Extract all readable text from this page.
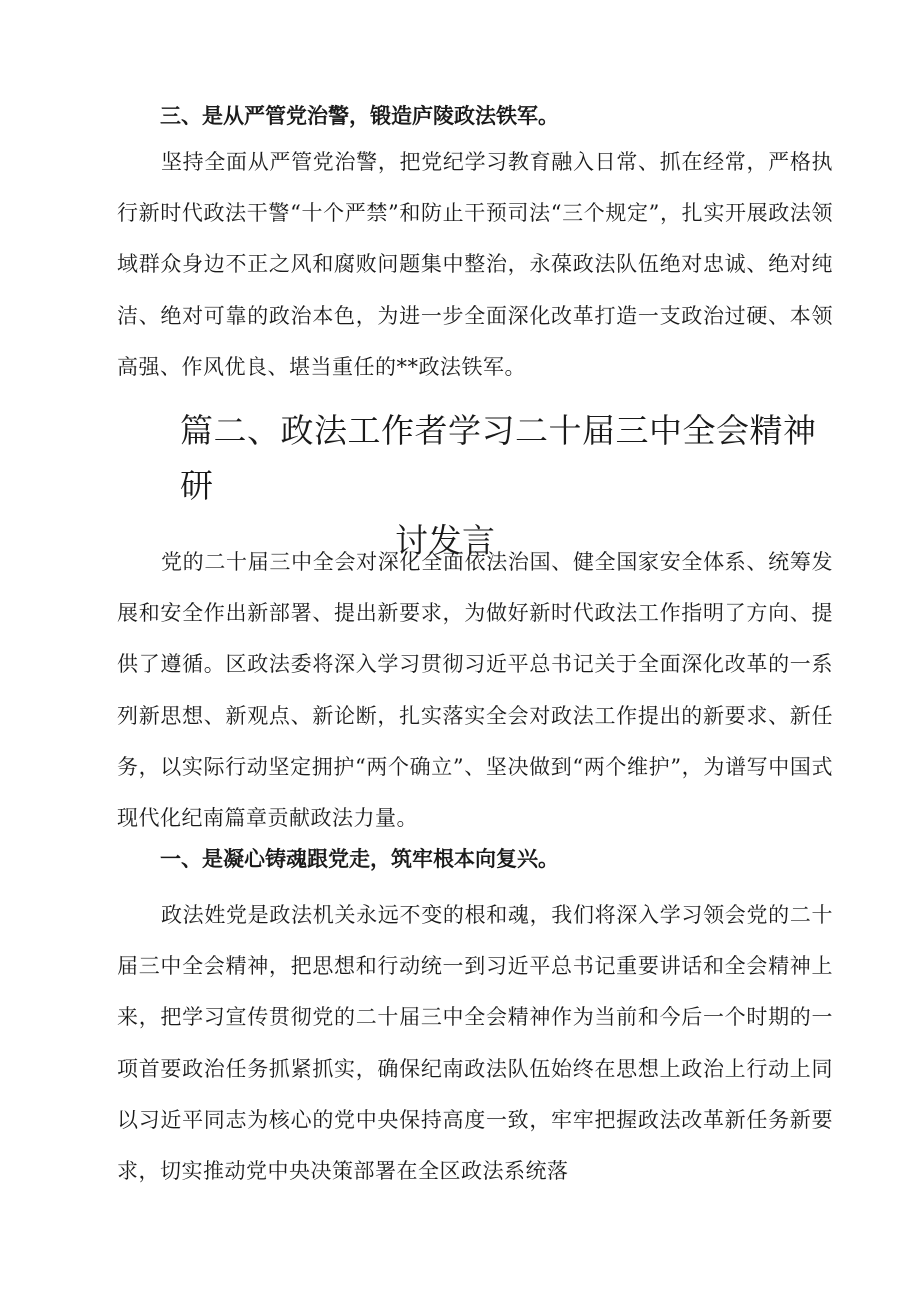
三、是从严管党治警，锻造庐陵政法铁军。

坚持全面从严管党治警，把党纪学习教育融入日常、抓在经常，严格执行新时代政法干警“十个严禁”和防止干预司法“三个规定”，扎实开展政法领域群众身边不正之风和腐败问题集中整治，永葆政法队伍绝对忠诚、绝对纯洁、绝对可靠的政治本色，为进一步全面深化改革打造一支政治过硬、本领高强、作风优良、堪当重任的**政法铁军。

篇二、政法工作者学习二十届三中全会精神研
讨发言

党的二十届三中全会对深化全面依法治国、健全国家安全体系、统筹发展和安全作出新部署、提出新要求，为做好新时代政法工作指明了方向、提供了遵循。区政法委将深入学习贯彻习近平总书记关于全面深化改革的一系列新思想、新观点、新论断，扎实落实全会对政法工作提出的新要求、新任务，以实际行动坚定拥护“两个确立”、坚决做到“两个维护”，为谱写中国式现代化纪南篇章贡献政法力量。

一、是凝心铸魂跟党走，筑牢根本向复兴。

政法姓党是政法机关永远不变的根和魂，我们将深入学习领会党的二十届三中全会精神，把思想和行动统一到习近平总书记重要讲话和全会精神上来，把学习宣传贯彻党的二十届三中全会精神作为当前和今后一个时期的一项首要政治任务抓紧抓实，确保纪南政法队伍始终在思想上政治上行动上同以习近平同志为核心的党中央保持高度一致，牢牢把握政法改革新任务新要求，切实推动党中央决策部署在全区政法系统落
